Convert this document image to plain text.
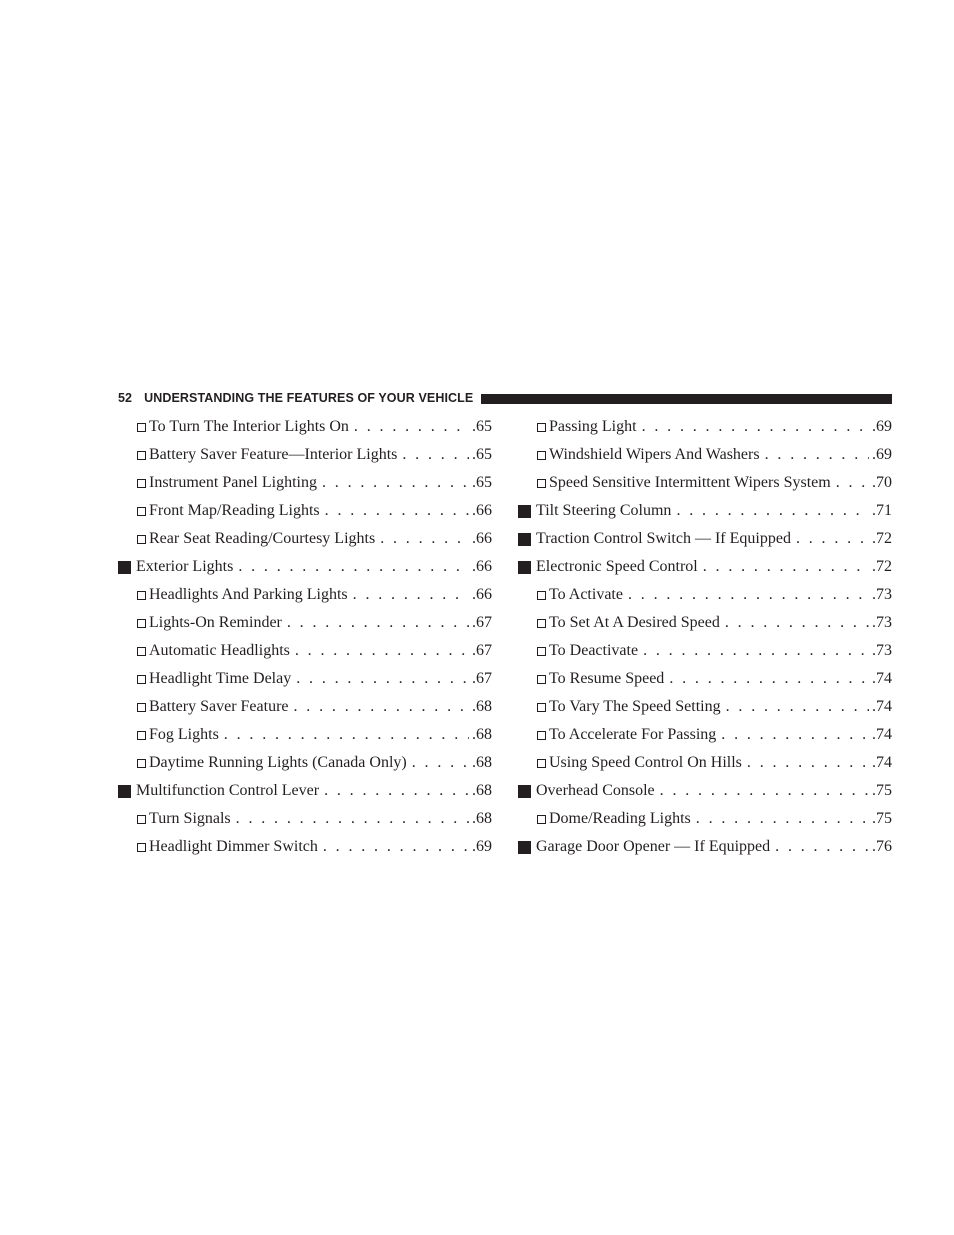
52 UNDERSTANDING THE FEATURES OF YOUR VEHICLE
To Turn The Interior Lights On . . .	.65
Battery Saver Feature—Interior Lights . . .	.65
Instrument Panel Lighting . . .	.65
Front Map/Reading Lights . . .	.66
Rear Seat Reading/Courtesy Lights . . .	.66
Exterior Lights . . .	.66
Headlights And Parking Lights . . .	.66
Lights-On Reminder . . .	.67
Automatic Headlights . . .	.67
Headlight Time Delay . . .	.67
Battery Saver Feature . . .	.68
Fog Lights . . .	.68
Daytime Running Lights (Canada Only) . . .	.68
Multifunction Control Lever . . .	.68
Turn Signals . . .	.68
Headlight Dimmer Switch . . .	.69
Passing Light . . .	.69
Windshield Wipers And Washers . . .	.69
Speed Sensitive Intermittent Wipers System . . .	.70
Tilt Steering Column . . .	.71
Traction Control Switch — If Equipped . . .	.72
Electronic Speed Control . . .	.72
To Activate . . .	.73
To Set At A Desired Speed . . .	.73
To Deactivate . . .	.73
To Resume Speed . . .	.74
To Vary The Speed Setting . . .	.74
To Accelerate For Passing . . .	.74
Using Speed Control On Hills . . .	.74
Overhead Console . . .	.75
Dome/Reading Lights . . .	.75
Garage Door Opener — If Equipped . . .	.76
